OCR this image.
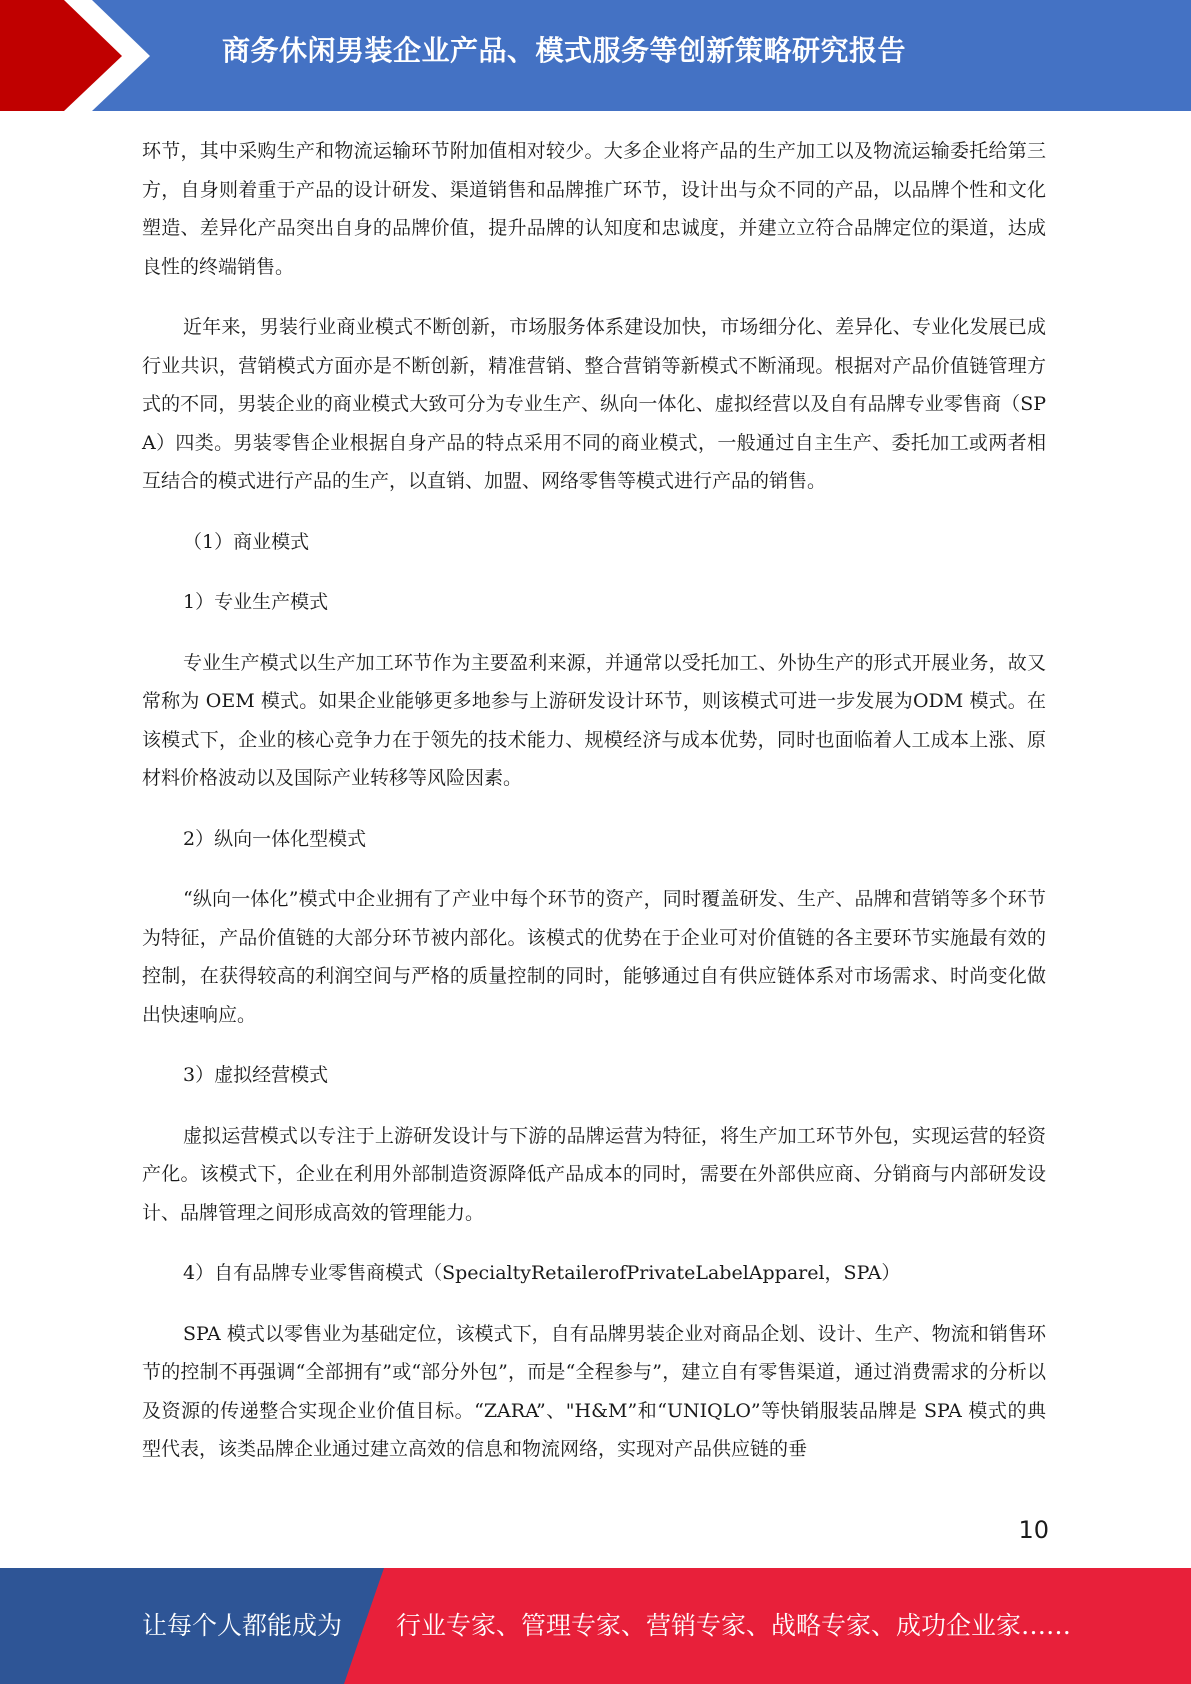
商务休闲男装企业产品、模式服务等创新策略研究报告

环节，其中采购生产和物流运输环节附加值相对较少。大多企业将产品的生产加工以及物流运输委托给第三方，自身则着重于产品的设计研发、渠道销售和品牌推广环节，设计出与众不同的产品，以品牌个性和文化塑造、差异化产品突出自身的品牌价值，提升品牌的认知度和忠诚度，并建立立符合品牌定位的渠道，达成良性的终端销售。

近年来，男装行业商业模式不断创新，市场服务体系建设加快，市场细分化、差异化、专业化发展已成行业共识，营销模式方面亦是不断创新，精准营销、整合营销等新模式不断涌现。根据对产品价值链管理方式的不同，男装企业的商业模式大致可分为专业生产、纵向一体化、虚拟经营以及自有品牌专业零售商（SPA）四类。男装零售企业根据自身产品的特点采用不同的商业模式，一般通过自主生产、委托加工或两者相互结合的模式进行产品的生产，以直销、加盟、网络零售等模式进行产品的销售。

（1）商业模式

1）专业生产模式

专业生产模式以生产加工环节作为主要盈利来源，并通常以受托加工、外协生产的形式开展业务，故又常称为 OEM 模式。如果企业能够更多地参与上游研发设计环节，则该模式可进一步发展为ODM 模式。在该模式下，企业的核心竞争力在于领先的技术能力、规模经济与成本优势，同时也面临着人工成本上涨、原材料价格波动以及国际产业转移等风险因素。

2）纵向一体化型模式

“纵向一体化”模式中企业拥有了产业中每个环节的资产，同时覆盖研发、生产、品牌和营销等多个环节为特征，产品价值链的大部分环节被内部化。该模式的优势在于企业可对价值链的各主要环节实施最有效的控制，在获得较高的利润空间与严格的质量控制的同时，能够通过自有供应链体系对市场需求、时尚变化做出快速响应。

3）虚拟经营模式

虚拟运营模式以专注于上游研发设计与下游的品牌运营为特征，将生产加工环节外包，实现运营的轻资产化。该模式下，企业在利用外部制造资源降低产品成本的同时，需要在外部供应商、分销商与内部研发设计、品牌管理之间形成高效的管理能力。

4）自有品牌专业零售商模式（SpecialtyRetailerofPrivateLabelApparel，SPA）

SPA 模式以零售业为基础定位，该模式下，自有品牌男装企业对商品企划、设计、生产、物流和销售环节的控制不再强调“全部拥有”或“部分外包”，而是“全程参与”，建立自有零售渠道，通过消费需求的分析以及资源的传递整合实现企业价值目标。“ZARA”、"H&M”和“UNIQLO”等快销服装品牌是 SPA 模式的典型代表，该类品牌企业通过建立高效的信息和物流网络，实现对产品供应链的垂

10
让每个人都能成为 行业专家、管理专家、营销专家、战略专家、成功企业家……
